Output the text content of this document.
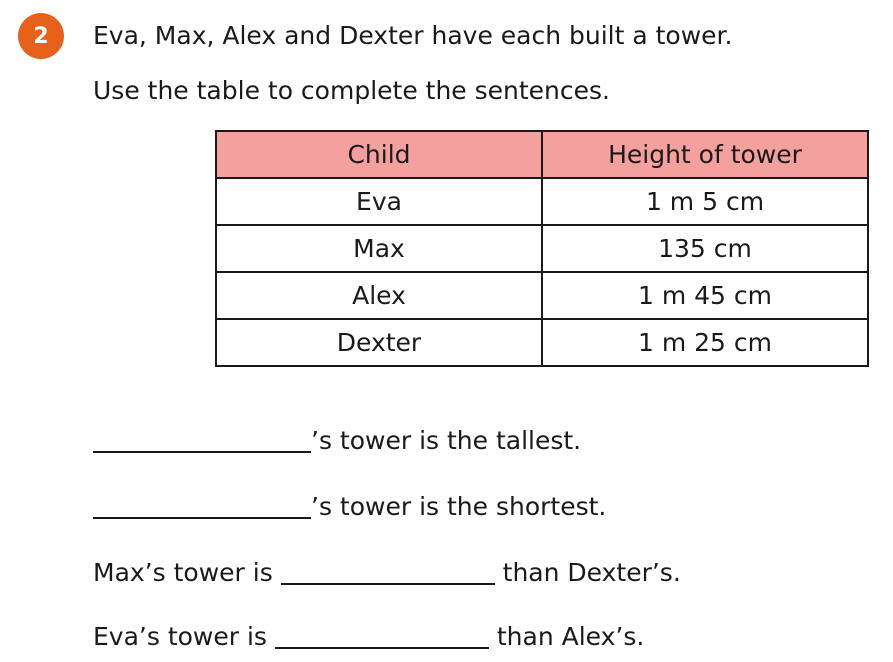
2	Eva, Max, Alex and Dexter have each built a tower.
Use the table to complete the sentences.
Child	Height of tower
Eva	1 m 5 cm
Max	135 cm
Alex	1 m 45 cm
Dexter	1 m 25 cm
’s tower is the tallest.
’s tower is the shortest.
Max’s tower is	than Dexter’s.
Eva’s tower is	than Alex’s.
